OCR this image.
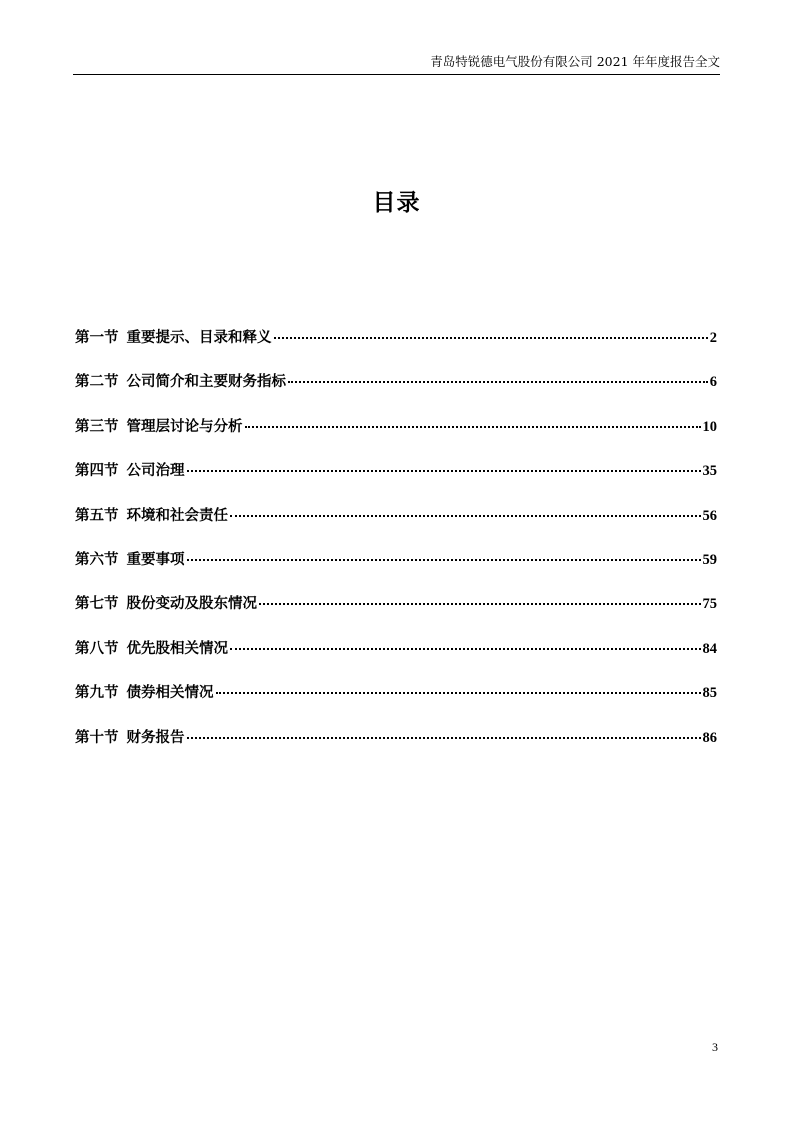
青岛特锐德电气股份有限公司 2021 年年度报告全文
目录
第一节 重要提示、目录和释义	2
第二节 公司简介和主要财务指标	6
第三节 管理层讨论与分析	10
第四节 公司治理	35
第五节 环境和社会责任	56
第六节 重要事项	59
第七节 股份变动及股东情况	75
第八节 优先股相关情况	84
第九节 债券相关情况	85
第十节 财务报告	86
3
